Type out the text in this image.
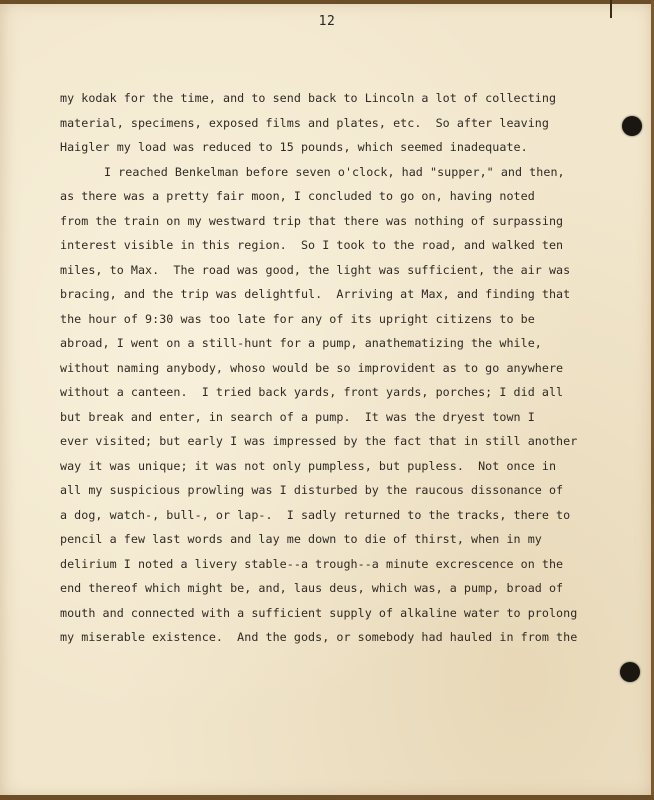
12
my kodak for the time, and to send back to Lincoln a lot of collecting
material, specimens, exposed films and plates, etc.  So after leaving
Haigler my load was reduced to 15 pounds, which seemed inadequate.
I reached Benkelman before seven o'clock, had "supper," and then,
as there was a pretty fair moon, I concluded to go on, having noted
from the train on my westward trip that there was nothing of surpassing
interest visible in this region.  So I took to the road, and walked ten
miles, to Max.  The road was good, the light was sufficient, the air was
bracing, and the trip was delightful.  Arriving at Max, and finding that
the hour of 9:30 was too late for any of its upright citizens to be
abroad, I went on a still-hunt for a pump, anathematizing the while,
without naming anybody, whoso would be so improvident as to go anywhere
without a canteen.  I tried back yards, front yards, porches; I did all
but break and enter, in search of a pump.  It was the dryest town I
ever visited; but early I was impressed by the fact that in still another
way it was unique; it was not only pumpless, but pupless.  Not once in
all my suspicious prowling was I disturbed by the raucous dissonance of
a dog, watch-, bull-, or lap-.  I sadly returned to the tracks, there to
pencil a few last words and lay me down to die of thirst, when in my
delirium I noted a livery stable--a trough--a minute excrescence on the
end thereof which might be, and, laus deus, which was, a pump, broad of
mouth and connected with a sufficient supply of alkaline water to prolong
my miserable existence.  And the gods, or somebody had hauled in from the
